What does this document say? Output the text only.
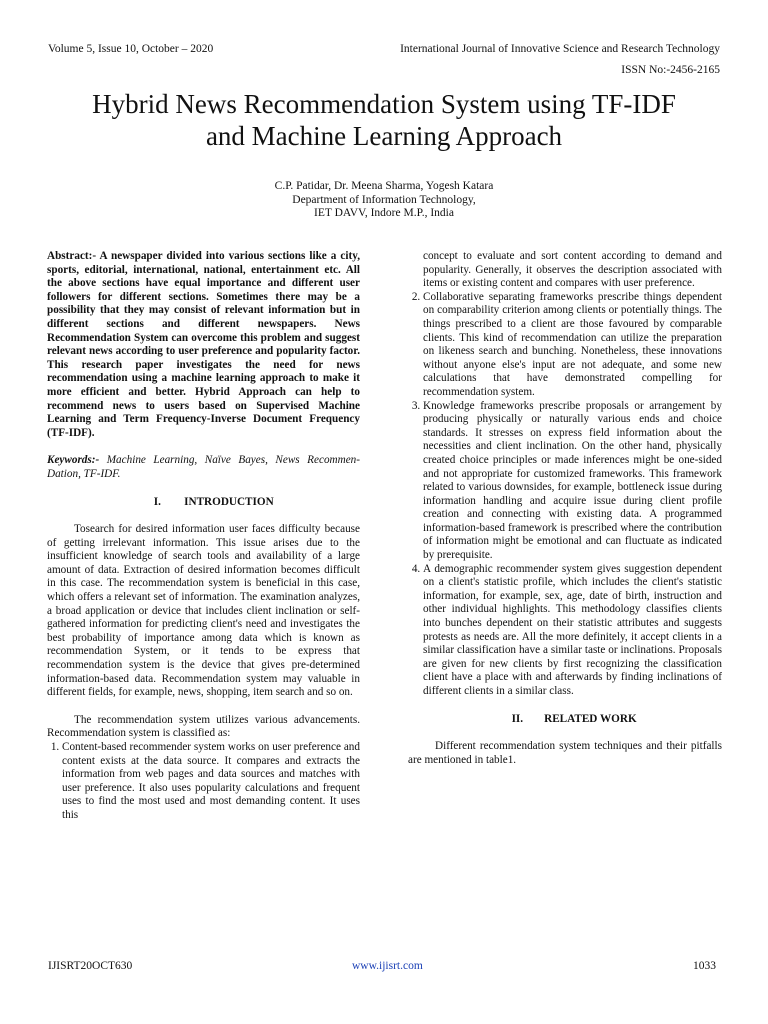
Volume 5, Issue 10, October – 2020	International Journal of Innovative Science and Research Technology
ISSN No:-2456-2165
Hybrid News Recommendation System using TF-IDF
and Machine Learning Approach
C.P. Patidar, Dr. Meena Sharma, Yogesh Katara
Department of Information Technology,
IET DAVV, Indore M.P., India

Abstract:- A newspaper divided into various sections like a city, sports, editorial, international, national, entertainment etc. All the above sections have equal importance and different user followers for different sections. Sometimes there may be a possibility that they may consist of relevant information but in different sections and different newspapers. News Recommendation System can overcome this problem and suggest relevant news according to user preference and popularity factor. This research paper investigates the need for news recommendation using a machine learning approach to make it more efficient and better. Hybrid Approach can help to recommend news to users based on Supervised Machine Learning and Term Frequency-Inverse Document Frequency (TF-IDF).

Keywords:- Machine Learning, Naïve Bayes, News Recommen- Dation, TF-IDF.

I. INTRODUCTION

Tosearch for desired information user faces difficulty because of getting irrelevant information. This issue arises due to the insufficient knowledge of search tools and availability of a large amount of data. Extraction of desired information becomes difficult in this case. The recommendation system is beneficial in this case, which offers a relevant set of information. The examination analyzes, a broad application or device that includes client inclination or self-gathered information for predicting client's need and investigates the best probability of importance among data which is known as recommendation System, or it tends to be express that recommendation system is the device that gives pre-determined information-based data. Recommendation system may valuable in different fields, for example, news, shopping, item search and so on.

The recommendation system utilizes various advancements. Recommendation system is classified as:

1. Content-based recommender system works on user preference and content exists at the data source. It compares and extracts the information from web pages and data sources and matches with user preference. It also uses popularity calculations and frequent uses to find the most used and most demanding content. It uses this

concept to evaluate and sort content according to demand and popularity. Generally, it observes the description associated with items or existing content and compares with user preference.

2. Collaborative separating frameworks prescribe things dependent on comparability criterion among clients or potentially things. The things prescribed to a client are those favoured by comparable clients. This kind of recommendation can utilize the preparation on likeness search and bunching. Nonetheless, these innovations without anyone else's input are not adequate, and some new calculations that have demonstrated compelling for recommendation system.
3. Knowledge frameworks prescribe proposals or arrangement by producing physically or naturally various ends and choice standards. It stresses on express field information about the necessities and client inclination. On the other hand, physically created choice principles or made inferences might be one-sided and not appropriate for customized frameworks. This framework related to various downsides, for example, bottleneck issue during information handling and acquire issue during client profile creation and connecting with existing data. A programmed information-based framework is prescribed where the contribution of information might be emotional and can fluctuate as indicated by prerequisite.
4. A demographic recommender system gives suggestion dependent on a client's statistic profile, which includes the client's statistic information, for example, sex, age, date of birth, instruction and other individual highlights. This methodology classifies clients into bunches dependent on their statistic attributes and suggests protests as needs are. All the more definitely, it accept clients in a similar classification have a similar taste or inclinations. Proposals are given for new clients by first recognizing the classification client have a place with and afterwards by finding inclinations of different clients in a similar class.
II. RELATED WORK

Different recommendation system techniques and their pitfalls are mentioned in table1.

IJISRT20OCT630	www.ijisrt.com	1033
